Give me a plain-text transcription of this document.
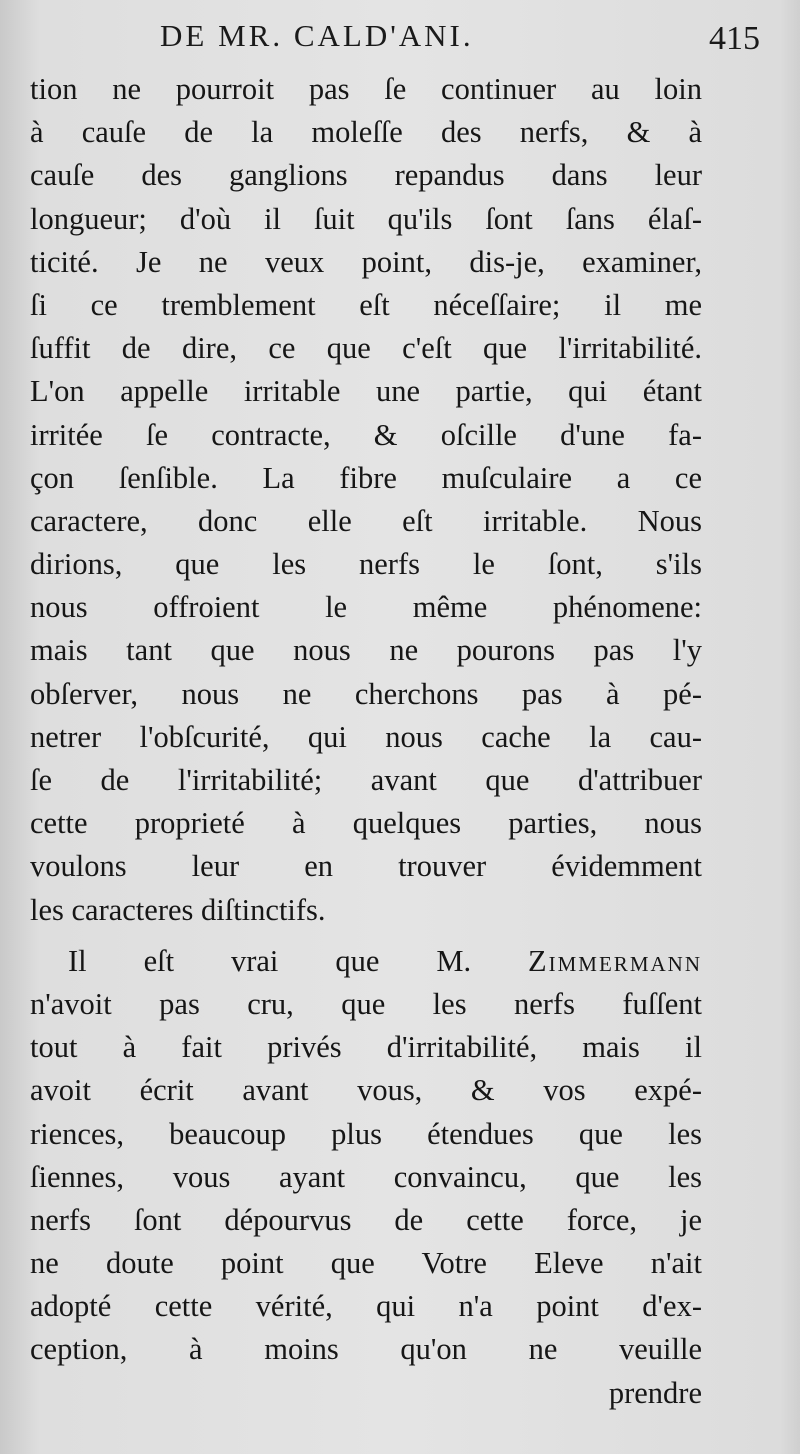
DE MR. CALD'ANI.	415
tion ne pourroit pas ſe continuer au loin
à cauſe de la moleſſe des nerfs, & à
cauſe des ganglions repandus dans leur
longueur; d'où il ſuit qu'ils ſont ſans élaſ-
ticité. Je ne veux point, dis-je, examiner,
ſi ce tremblement eſt néceſſaire; il me
ſuffit de dire, ce que c'eſt que l'irritabilité.
L'on appelle irritable une partie, qui étant
irritée ſe contracte, & oſcille d'une fa-
çon ſenſible. La fibre muſculaire a ce
caractere, donc elle eſt irritable. Nous
dirions, que les nerfs le ſont, s'ils
nous offroient le même phénomene:
mais tant que nous ne pourons pas l'y
obſerver, nous ne cherchons pas à pé-
netrer l'obſcurité, qui nous cache la cau-
ſe de l'irritabilité; avant que d'attribuer
cette proprieté à quelques parties, nous
voulons leur en trouver évidemment
les caracteres diſtinctifs.
Il eſt vrai que M. Zimmermann
n'avoit pas cru, que les nerfs fuſſent
tout à fait privés d'irritabilité, mais il
avoit écrit avant vous, & vos expé-
riences, beaucoup plus étendues que les
ſiennes, vous ayant convaincu, que les
nerfs ſont dépourvus de cette force, je
ne doute point que Votre Eleve n'ait
adopté cette vérité, qui n'a point d'ex-
ception, à moins qu'on ne veuille
prendre
